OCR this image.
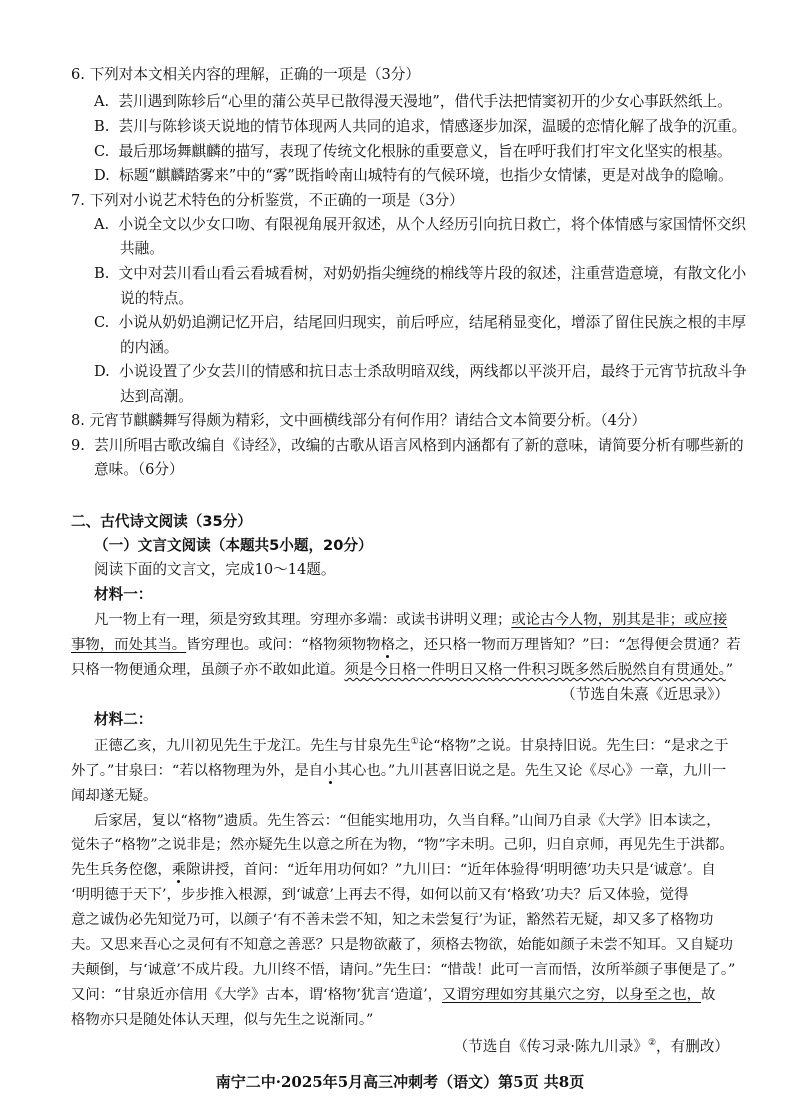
6. 下列对本文相关内容的理解，正确的一项是（3分）
A.  芸川遇到陈轸后“心里的蒲公英早已散得漫天漫地”，借代手法把情窦初开的少女心事跃然纸上。
B.  芸川与陈轸谈天说地的情节体现两人共同的追求，情感逐步加深，温暖的恋情化解了战争的沉重。
C.  最后那场舞麒麟的描写，表现了传统文化根脉的重要意义，旨在呼吁我们打牢文化坚实的根基。
D.  标题“麒麟踏雾来”中的“雾”既指岭南山城特有的气候环境，也指少女情愫，更是对战争的隐喻。
7. 下列对小说艺术特色的分析鉴赏，不正确的一项是（3分）
A.  小说全文以少女口吻、有限视角展开叙述，从个人经历引向抗日救亡，将个体情感与家国情怀交织
共融。
B.  文中对芸川看山看云看城看树，对奶奶指尖缠绕的棉线等片段的叙述，注重营造意境，有散文化小
说的特点。
C.  小说从奶奶追溯记忆开启，结尾回归现实，前后呼应，结尾稍显变化，增添了留住民族之根的丰厚
的内涵。
D.  小说设置了少女芸川的情感和抗日志士杀敌明暗双线，两线都以平淡开启，最终于元宵节抗敌斗争
达到高潮。
8. 元宵节麒麟舞写得颇为精彩，文中画横线部分有何作用？请结合文本简要分析。（4分）
9.  芸川所唱古歌改编自《诗经》，改编的古歌从语言风格到内涵都有了新的意味，请简要分析有哪些新的
意味。（6分）
二、古代诗文阅读（35分）
（一）文言文阅读（本题共5小题，20分）
阅读下面的文言文，完成10～14题。
材料一：
凡一物上有一理，须是穷致其理。穷理亦多端：或读书讲明义理；或论古今人物，别其是非；或应接
事物，而处其当。皆穷理也。或问：“格物须物物格之，还只格一物而万理皆知？”曰：“怎得便会贯通？若
只格一物便通众理，虽颜子亦不敢如此道。须是今日格一件明日又格一件积习既多然后脱然自有贯通处。”
（节选自朱熹《近思录》）
材料二：
正德乙亥，九川初见先生于龙江。先生与甘泉先生①论“格物”之说。甘泉持旧说。先生曰：“是求之于
外了。”甘泉曰：“若以格物理为外，是自小其心也。”九川甚喜旧说之是。先生又论《尽心》一章，九川一
闻却遂无疑。
后家居，复以“格物”遗质。先生答云：“但能实地用功，久当自释。”山间乃自录《大学》旧本读之，
觉朱子“格物”之说非是；然亦疑先生以意之所在为物，“物”字未明。己卯，归自京师，再见先生于洪都。
先生兵务倥偬，乘隙讲授，首问：“近年用功何如？”九川曰：“近年体验得‘明明德’功夫只是‘诚意’。自
‘明明德于天下’，步步推入根源，到‘诚意’上再去不得，如何以前又有‘格致’功夫？后又体验，觉得
意之诚伪必先知觉乃可，以颜子‘有不善未尝不知，知之未尝复行’为证，豁然若无疑，却又多了格物功
夫。又思来吾心之灵何有不知意之善恶？只是物欲蔽了，须格去物欲，始能如颜子未尝不知耳。又自疑功
夫颠倒，与‘诚意’不成片段。九川终不悟，请问。”先生曰：“惜哉！此可一言而悟，汝所举颜子事便是了。”
又问：“甘泉近亦信用《大学》古本，谓‘格物’犹言‘造道’，又谓穷理如穷其巢穴之穷，以身至之也，故
格物亦只是随处体认天理，似与先生之说渐同。”
（节选自《传习录·陈九川录》②，有删改）
南宁二中·2025年5月高三冲刺考（语文）第5页 共8页
